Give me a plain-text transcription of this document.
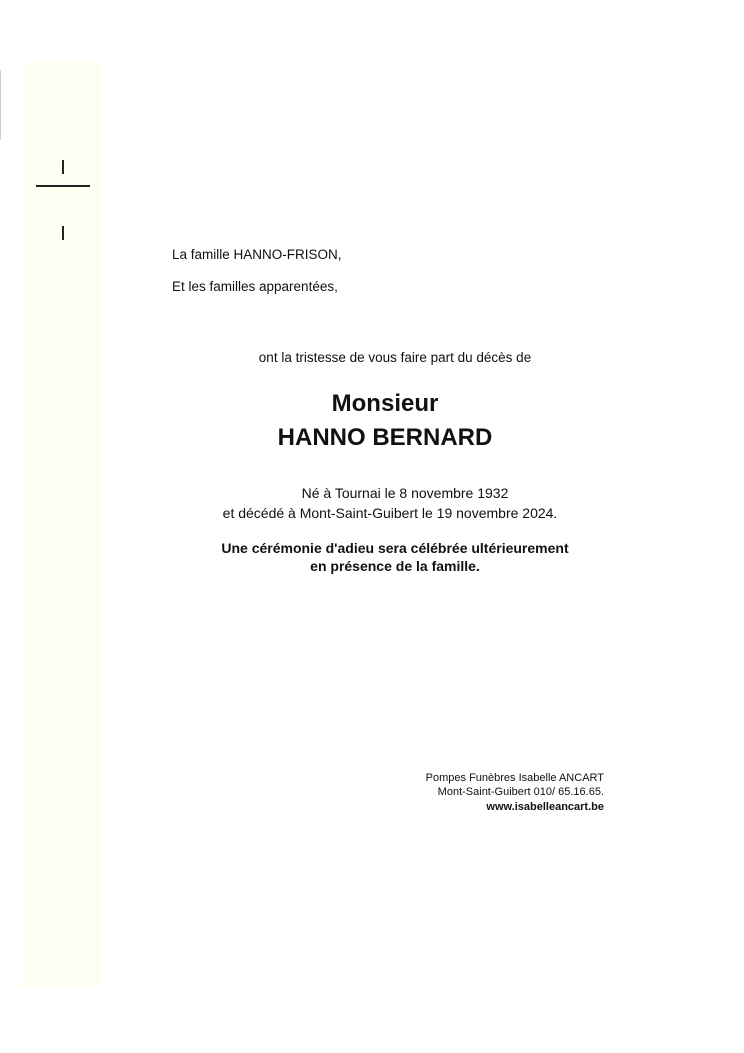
La famille HANNO-FRISON,
Et les familles apparentées,
ont la tristesse de vous faire part du décès de
Monsieur
HANNO BERNARD
Né à Tournai le 8 novembre 1932
et décédé à Mont-Saint-Guibert le 19 novembre 2024.
Une cérémonie d'adieu sera célébrée ultérieurement
en présence de la famille.
Pompes Funèbres Isabelle ANCART
Mont-Saint-Guibert 010/ 65.16.65.
www.isabelleancart.be
